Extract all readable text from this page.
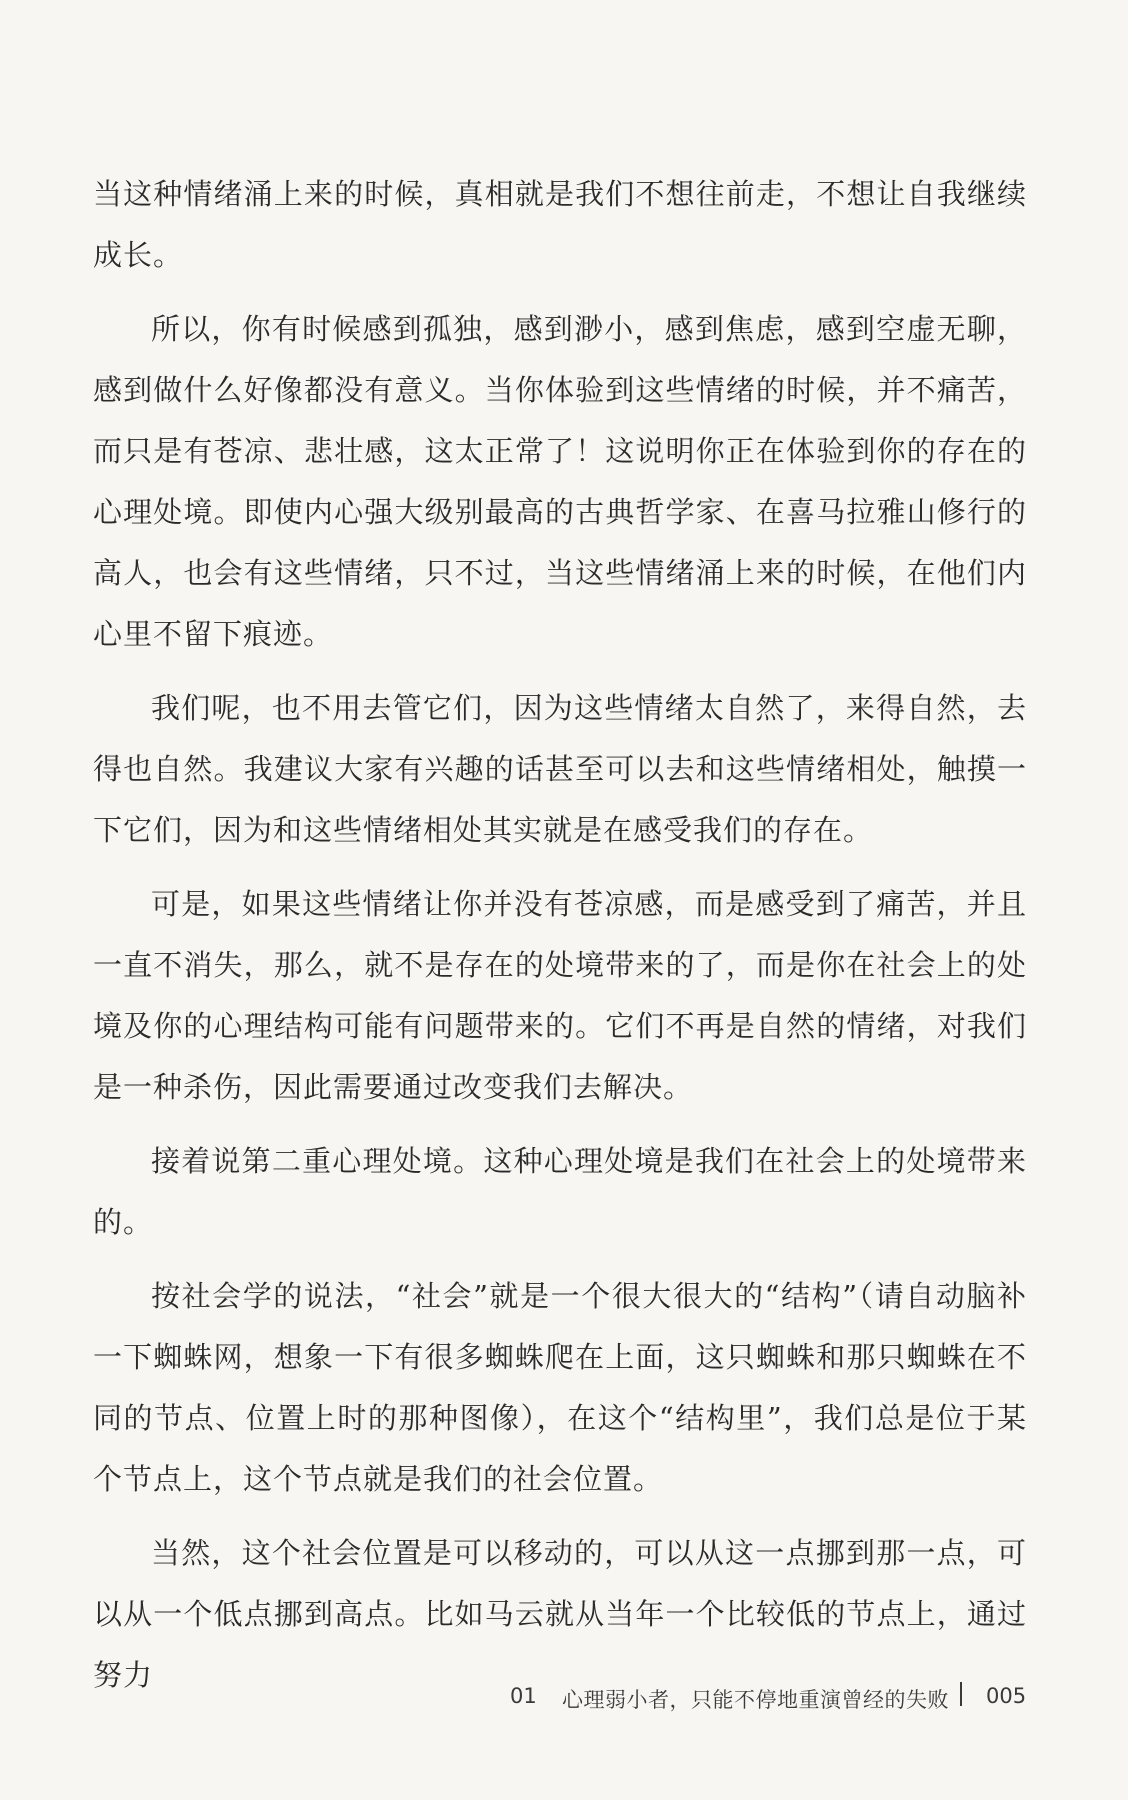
当这种情绪涌上来的时候，真相就是我们不想往前走，不想让自我继续成长。

所以，你有时候感到孤独，感到渺小，感到焦虑，感到空虚无聊，感到做什么好像都没有意义。当你体验到这些情绪的时候，并不痛苦，而只是有苍凉、悲壮感，这太正常了！这说明你正在体验到你的存在的心理处境。即使内心强大级别最高的古典哲学家、在喜马拉雅山修行的高人，也会有这些情绪，只不过，当这些情绪涌上来的时候，在他们内心里不留下痕迹。

我们呢，也不用去管它们，因为这些情绪太自然了，来得自然，去得也自然。我建议大家有兴趣的话甚至可以去和这些情绪相处，触摸一下它们，因为和这些情绪相处其实就是在感受我们的存在。

可是，如果这些情绪让你并没有苍凉感，而是感受到了痛苦，并且一直不消失，那么，就不是存在的处境带来的了，而是你在社会上的处境及你的心理结构可能有问题带来的。它们不再是自然的情绪，对我们是一种杀伤，因此需要通过改变我们去解决。

接着说第二重心理处境。这种心理处境是我们在社会上的处境带来的。

按社会学的说法，“社会”就是一个很大很大的“结构”（请自动脑补一下蜘蛛网，想象一下有很多蜘蛛爬在上面，这只蜘蛛和那只蜘蛛在不同的节点、位置上时的那种图像），在这个“结构里”，我们总是位于某个节点上，这个节点就是我们的社会位置。

当然，这个社会位置是可以移动的，可以从这一点挪到那一点，可以从一个低点挪到高点。比如马云就从当年一个比较低的节点上，通过努力

01 心理弱小者，只能不停地重演曾经的失败 005
